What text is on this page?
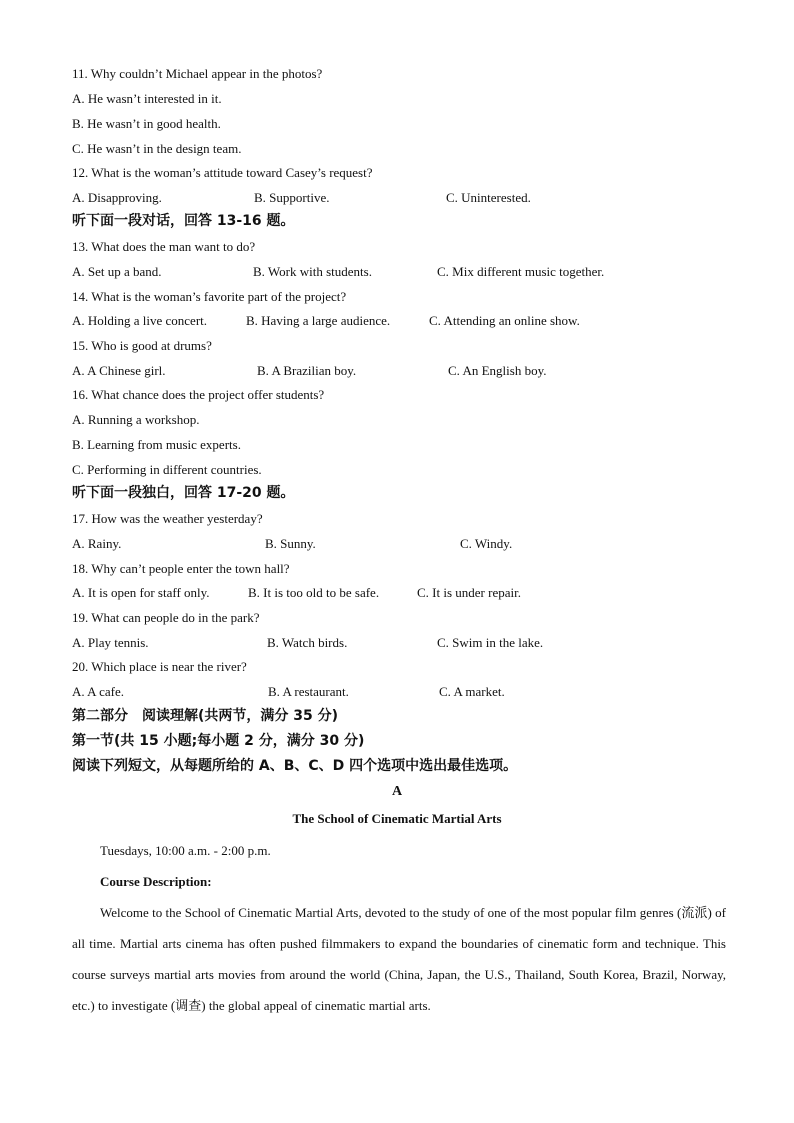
11. Why couldn’t Michael appear in the photos?
A. He wasn’t interested in it.
B. He wasn’t in good health.
C. He wasn’t in the design team.
12. What is the woman’s attitude toward Casey’s request?
A. Disapproving.	B. Supportive.	C. Uninterested.
听下面一段对话，回答 13-16 题。
13. What does the man want to do?
A. Set up a band.	B. Work with students.	C. Mix different music together.
14. What is the woman’s favorite part of the project?
A. Holding a live concert.	B. Having a large audience.	C. Attending an online show.
15. Who is good at drums?
A. A Chinese girl.	B. A Brazilian boy.	C. An English boy.
16. What chance does the project offer students?
A. Running a workshop.
B. Learning from music experts.
C. Performing in different countries.
听下面一段独白，回答 17-20 题。
17. How was the weather yesterday?
A. Rainy.	B. Sunny.	C. Windy.
18. Why can’t people enter the town hall?
A. It is open for staff only.	B. It is too old to be safe.	C. It is under repair.
19. What can people do in the park?
A. Play tennis.	B. Watch birds.	C. Swim in the lake.
20. Which place is near the river?
A. A cafe.	B. A restaurant.	C. A market.
第二部分　阅读理解(共两节，满分 35 分)
第一节(共 15 小题;每小题 2 分，满分 30 分)
阅读下列短文，从每题所给的 A、B、C、D 四个选项中选出最佳选项。
A
The School of Cinematic Martial Arts
Tuesdays, 10:00 a.m. - 2:00 p.m.
Course Description:
Welcome to the School of Cinematic Martial Arts, devoted to the study of one of the most popular film genres (流派) of all time. Martial arts cinema has often pushed filmmakers to expand the boundaries of cinematic form and technique. This course surveys martial arts movies from around the world (China, Japan, the U.S., Thailand, South Korea, Brazil, Norway, etc.) to investigate (调查) the global appeal of cinematic martial arts.
